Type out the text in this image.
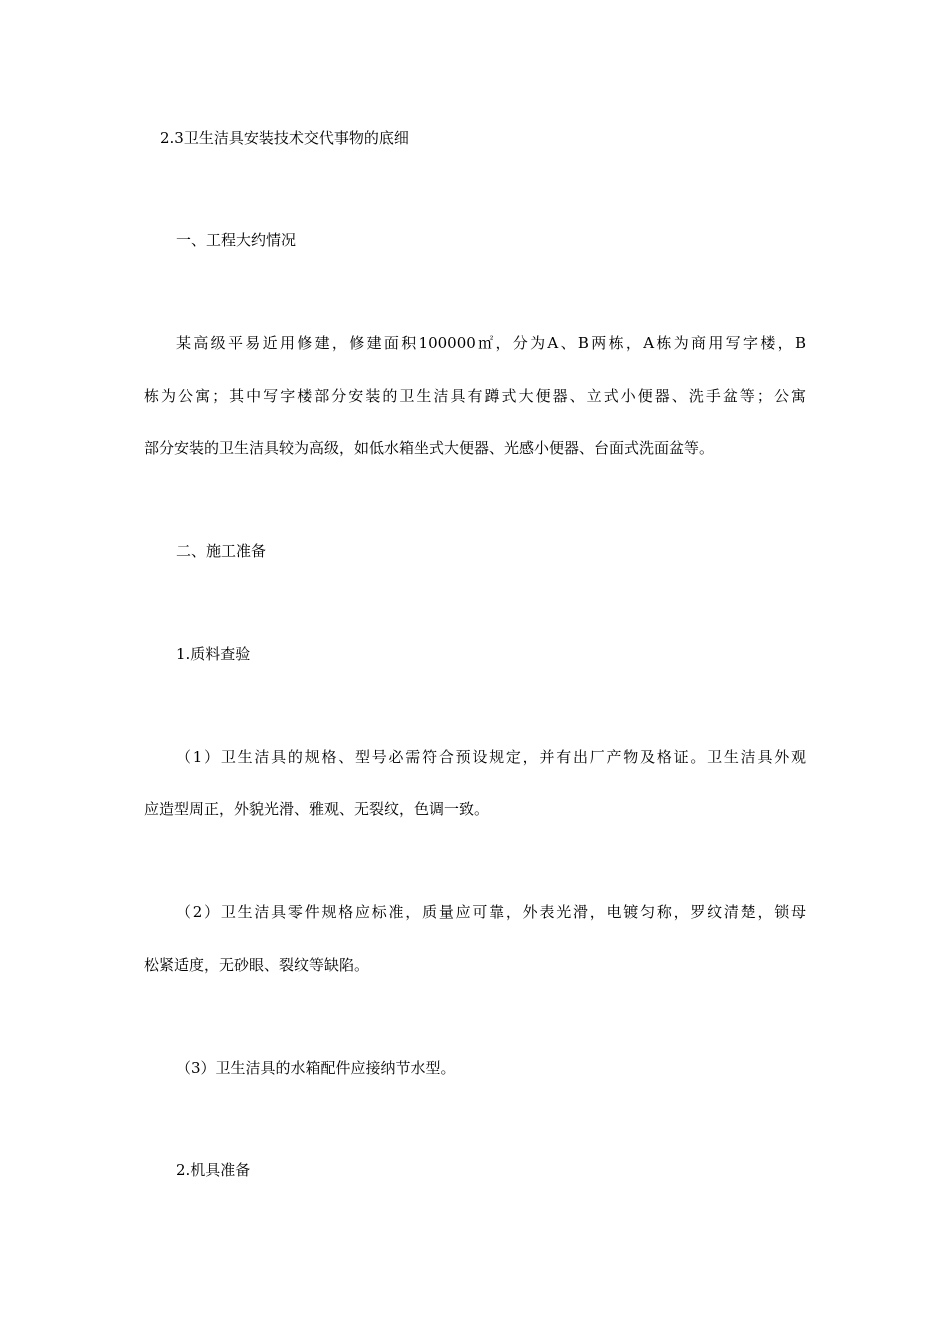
2.3卫生洁具安装技术交代事物的底细

一、工程大约情况

某高级平易近用修建，修建面积100000㎡，分为A、B两栋，A栋为商用写字楼，B

栋为公寓；其中写字楼部分安装的卫生洁具有蹲式大便器、立式小便器、洗手盆等；公寓

部分安装的卫生洁具较为高级，如低水箱坐式大便器、光感小便器、台面式洗面盆等。

二、施工准备

1.质料查验

（1）卫生洁具的规格、型号必需符合预设规定，并有出厂产物及格证。卫生洁具外观

应造型周正，外貌光滑、雅观、无裂纹，色调一致。

（2）卫生洁具零件规格应标准，质量应可靠，外表光滑，电镀匀称，罗纹清楚，锁母

松紧适度，无砂眼、裂纹等缺陷。

（3）卫生洁具的水箱配件应接纳节水型。

2.机具准备
